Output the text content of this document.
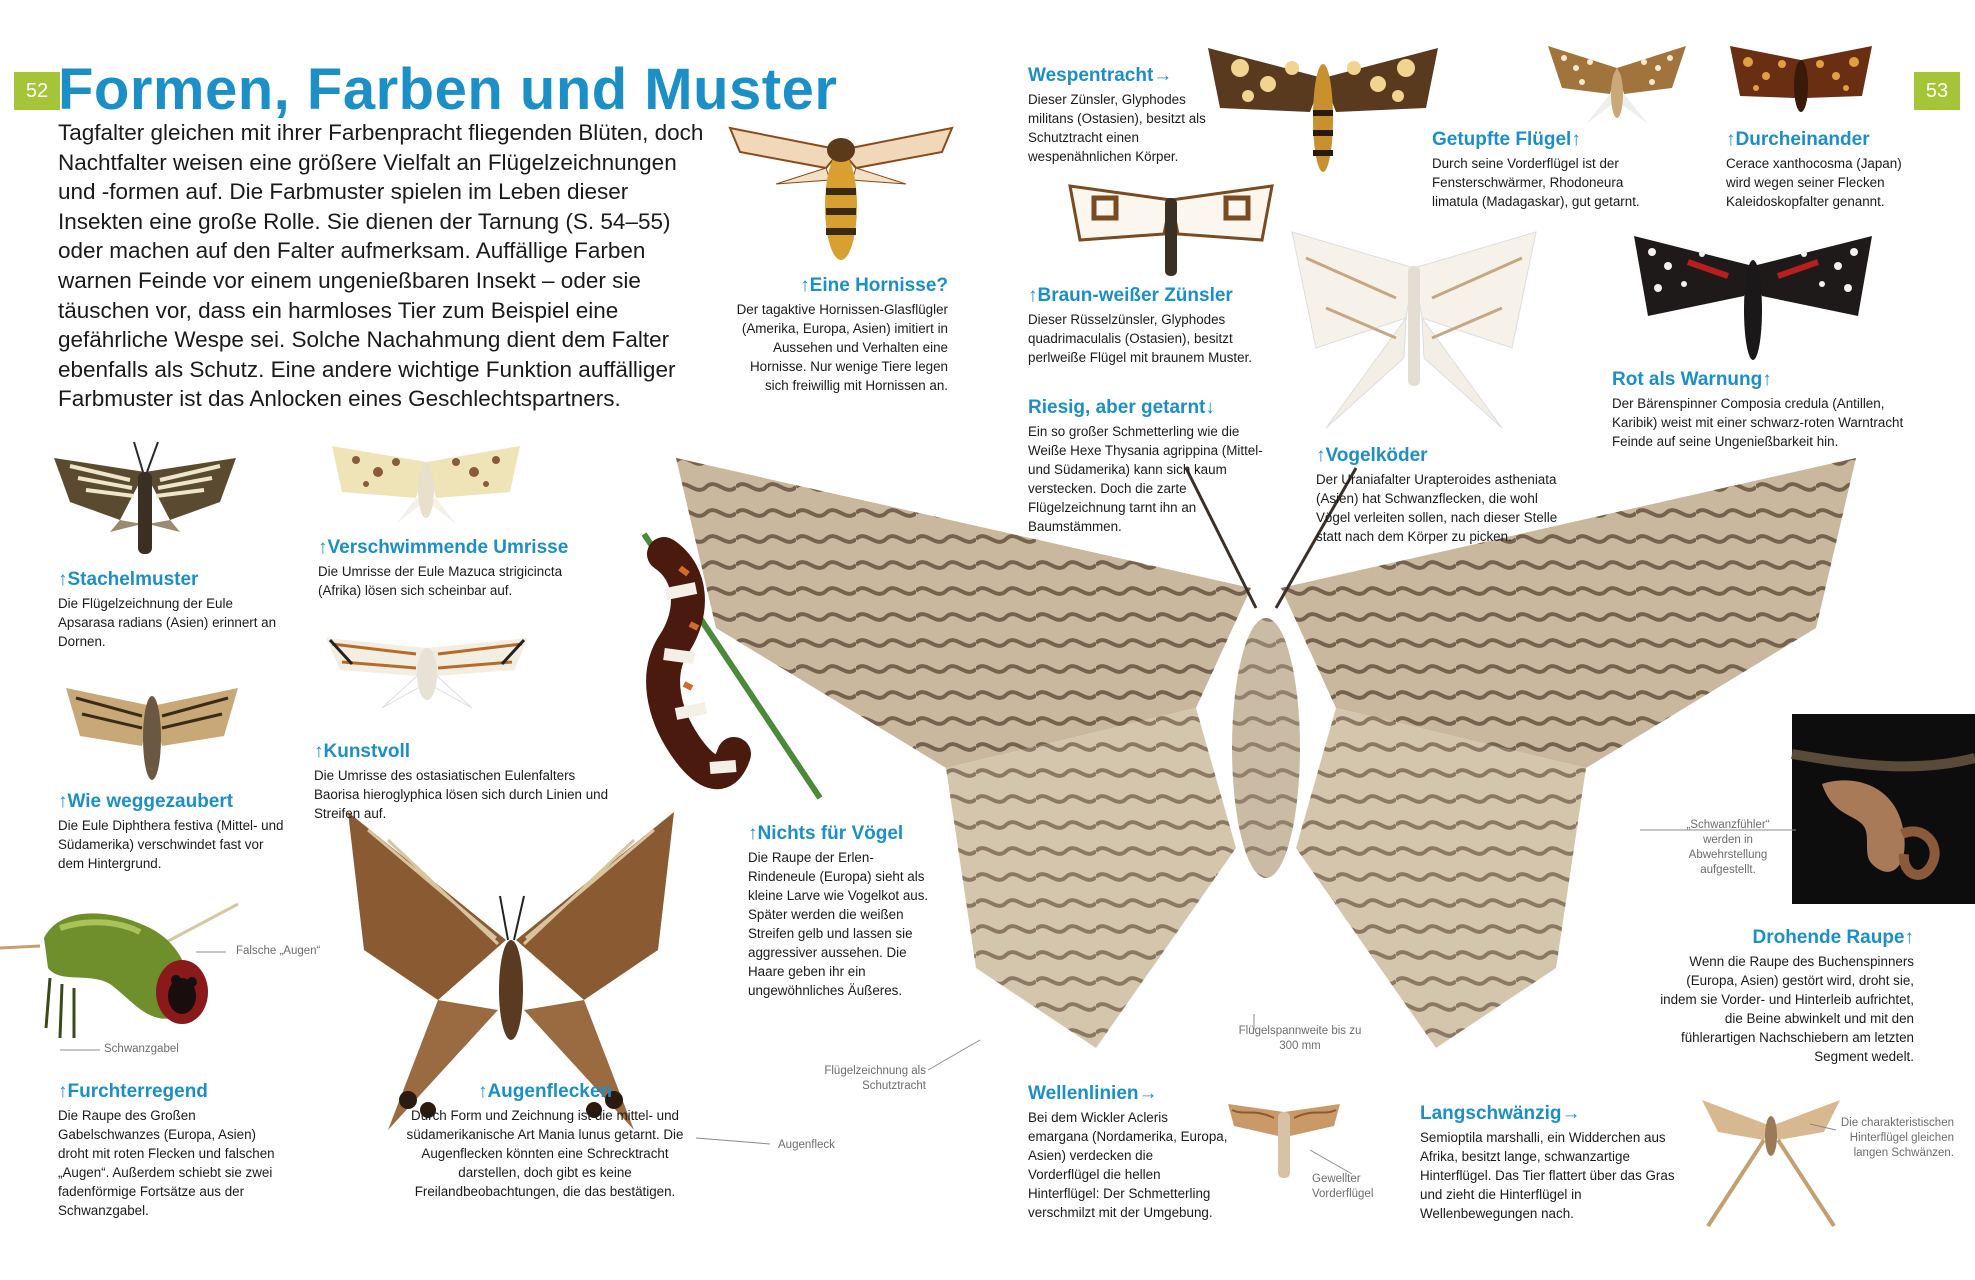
52	53
Formen, Farben und Muster

Tagfalter gleichen mit ihrer Farbenpracht fliegenden Blüten, doch Nachtfalter weisen eine größere Vielfalt an Flügelzeichnungen und -formen auf. Die Farbmuster spielen im Leben dieser Insekten eine große Rolle. Sie dienen der Tarnung (S. 54–55) oder machen auf den Falter aufmerksam. Auffällige Farben warnen Feinde vor einem ungenießbaren Insekt – oder sie täuschen vor, dass ein harmloses Tier zum Beispiel eine gefährliche Wespe sei. Solche Nachahmung dient dem Falter ebenfalls als Schutz. Eine andere wichtige Funktion auffälliger Farbmuster ist das Anlocken eines Geschlechtspartners.

↑Stachelmuster

Die Flügelzeichnung der Eule Apsarasa radians (Asien) erinnert an Dornen.

↑Verschwimmende Umrisse

Die Umrisse der Eule Mazuca strigicincta (Afrika) lösen sich scheinbar auf.

↑Wie weggezaubert

Die Eule Diphthera festiva (Mittel- und Südamerika) verschwindet fast vor dem Hintergrund.

↑Kunstvoll

Die Umrisse des ostasiatischen Eulenfalters Baorisa hieroglyphica lösen sich durch Linien und Streifen auf.

↑Furchterregend

Die Raupe des Großen Gabelschwanzes (Europa, Asien) droht mit roten Flecken und falschen „Augen“. Außerdem schiebt sie zwei fadenförmige Fortsätze aus der Schwanzgabel.

↑Augenflecken

Durch Form und Zeichnung ist die mittel- und südamerikanische Art Mania lunus getarnt. Die Augenflecken könnten eine Schrecktracht darstellen, doch gibt es keine Freilandbeobachtungen, die das bestätigen.

↑Eine Hornisse?

Der tagaktive Hornissen-Glasflügler (Amerika, Europa, Asien) imitiert in Aussehen und Verhalten eine Hornisse. Nur wenige Tiere legen sich freiwillig mit Hornissen an.

↑Nichts für Vögel

Die Raupe der Erlen-Rindeneule (Europa) sieht als kleine Larve wie Vogelkot aus. Später werden die weißen Streifen gelb und lassen sie aggressiver aussehen. Die Haare geben ihr ein ungewöhnliches Äußeres.

Wespentracht→

Dieser Zünsler, Glyphodes militans (Ostasien), besitzt als Schutztracht einen wespenähnlichen Körper.

↑Braun-weißer Zünsler

Dieser Rüsselzünsler, Glyphodes quadrimaculalis (Ostasien), besitzt perlweiße Flügel mit braunem Muster.

Riesig, aber getarnt↓

Ein so großer Schmetterling wie die Weiße Hexe Thysania agrippina (Mittel- und Südamerika) kann sich kaum verstecken. Doch die zarte Flügelzeichnung tarnt ihn an Baumstämmen.

↑Vogelköder

Der Uraniafalter Urapteroides astheniata (Asien) hat Schwanzflecken, die wohl Vögel verleiten sollen, nach dieser Stelle statt nach dem Körper zu picken.

Getupfte Flügel↑

Durch seine Vorderflügel ist der Fensterschwärmer, Rhodoneura limatula (Madagaskar), gut getarnt.

↑Durcheinander

Cerace xanthocosma (Japan) wird wegen seiner Flecken Kaleidoskopfalter genannt.

Rot als Warnung↑

Der Bärenspinner Composia credula (Antillen, Karibik) weist mit einer schwarz-roten Warntracht Feinde auf seine Ungenießbarkeit hin.

Drohende Raupe↑

Wenn die Raupe des Buchenspinners (Europa, Asien) gestört wird, droht sie, indem sie Vorder- und Hinterleib aufrichtet, die Beine abwinkelt und mit den fühlerartigen Nachschiebern am letzten Segment wedelt.

Wellenlinien→

Bei dem Wickler Acleris emargana (Nordamerika, Europa, Asien) verdecken die Vorderflügel die hellen Hinterflügel: Der Schmetterling verschmilzt mit der Umgebung.

Langschwänzig→

Semioptila marshalli, ein Widderchen aus Afrika, besitzt lange, schwanzartige Hinterflügel. Das Tier flattert über das Gras und zieht die Hinterflügel in Wellenbewegungen nach.

Falsche „Augen“
Schwanzgabel
Augenfleck
Flügelzeichnung als Schutztracht
Flügelspannweite bis zu 300 mm
„Schwanzfühler“ werden in Abwehrstellung aufgestellt.
Gewellter Vorderflügel
Die charakteristischen Hinterflügel gleichen langen Schwänzen.
